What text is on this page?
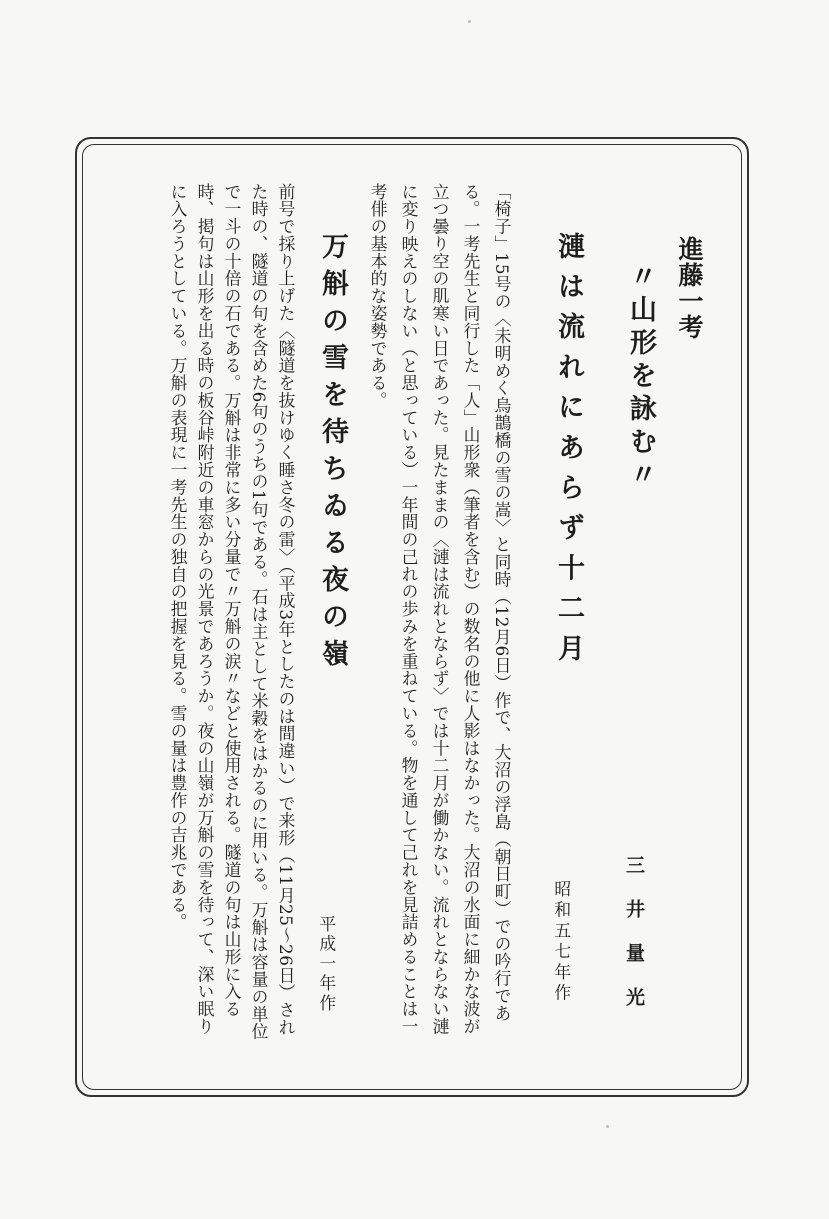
進藤一考
〃山形を詠む〃
三　井　量　光
漣は流れにあらず十二月
昭和五七年作
「椅子」15号の〈未明めく烏鵲橋の雪の嵩〉と同時（12月6日）作で、大沼の浮島（朝日町）での吟行である。一考先生と同行した「人」山形衆（筆者を含む）の数名の他に人影はなかった。大沼の水面に細かな波が立つ曇り空の肌寒い日であった。見たままの〈漣は流れとならず〉では十二月が働かない。流れとならない漣に変り映えのしない（と思っている）一年間の己れの歩みを重ねている。物を通して己れを見詰めることは一考俳の基本的な姿勢である。
万斛の雪を待ちゐる夜の嶺
平成一年作
前号で採り上げた〈隧道を抜けゆく睡さ冬の雷〉（平成3年としたのは間違い）で来形（11月25〜26日）された時の、隧道の句を含めた6句のうちの1句である。石は主として米穀をはかるのに用いる。万斛は容量の単位で一斗の十倍の石である。万斛は非常に多い分量で〃万斛の涙〃などと使用される。隧道の句は山形に入る時、掲句は山形を出る時の板谷峠附近の車窓からの光景であろうか。夜の山嶺が万斛の雪を待って、深い眠りに入ろうとしている。万斛の表現に一考先生の独自の把握を見る。雪の量は豊作の吉兆である。
